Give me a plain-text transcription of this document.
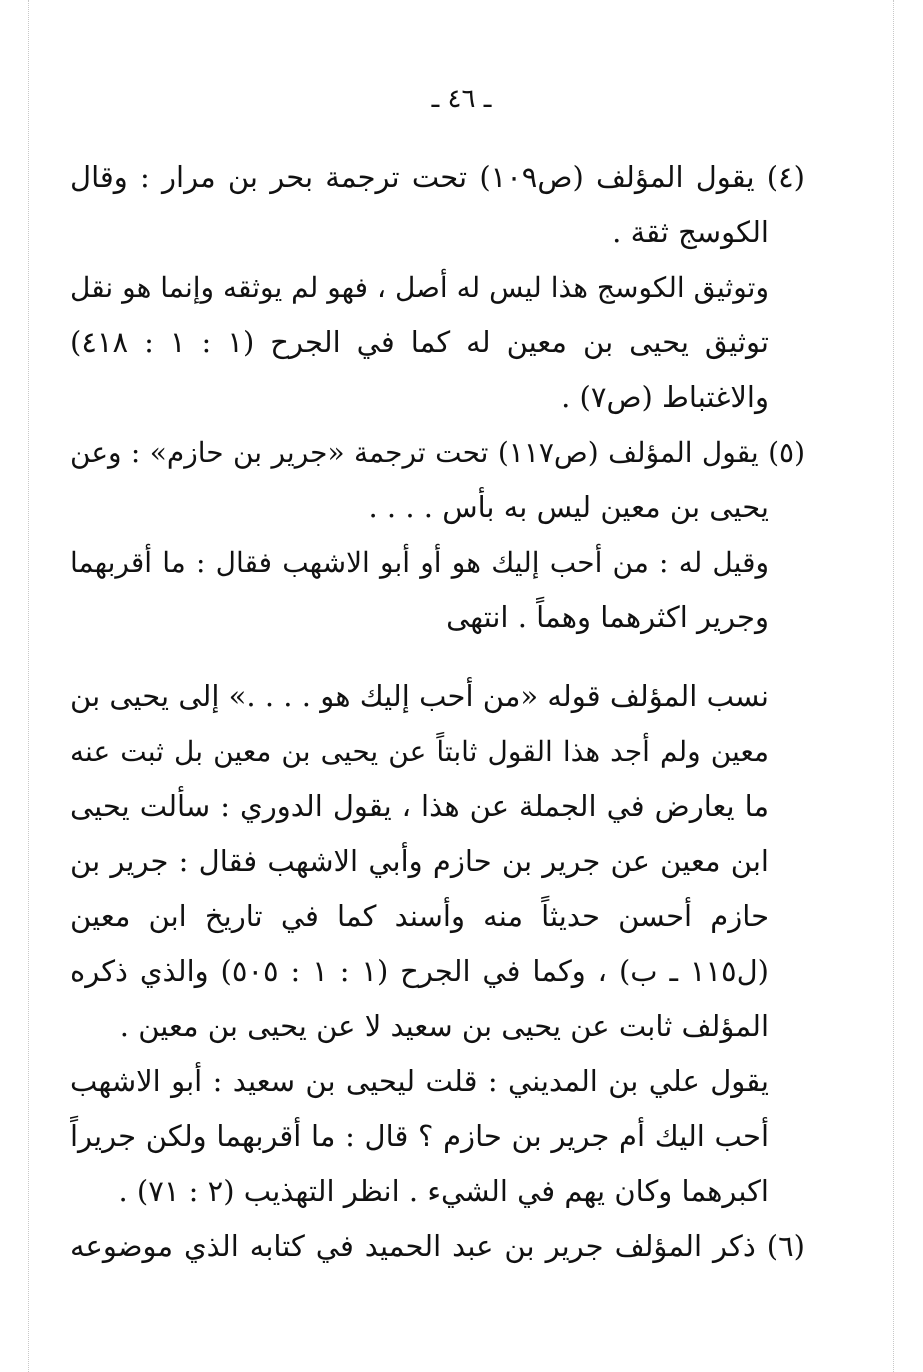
ـ ٤٦ ـ
(٤) يقول المؤلف (ص١٠٩) تحت ترجمة بحر بن مرار : وقال
الكوسج ثقة .
وتوثيق الكوسج هذا ليس له أصل ، فهو لم يوثقه وإنما هو نقل
توثيق يحيى بن معين له كما في الجرح (١ : ١ : ٤١٨)
والاغتباط (ص٧) .
(٥) يقول المؤلف (ص١١٧) تحت ترجمة «جرير بن حازم» : وعن
يحيى بن معين ليس به بأس . . . .
وقيل له : من أحب إليك هو أو أبو الاشهب فقال : ما أقربهما
وجرير اكثرهما وهماً . انتهى
نسب المؤلف قوله «من أحب إليك هو . . . .» إلى يحيى بن
معين ولم أجد هذا القول ثابتاً عن يحيى بن معين بل ثبت عنه
ما يعارض في الجملة عن هذا ، يقول الدوري : سألت يحيى
ابن معين عن جرير بن حازم وأبي الاشهب فقال : جرير بن
حازم أحسن حديثاً منه وأسند كما في تاريخ ابن معين
(ل١١٥ ـ ب) ، وكما في الجرح (١ : ١ : ٥٠٥) والذي ذكره
المؤلف ثابت عن يحيى بن سعيد لا عن يحيى بن معين .
يقول علي بن المديني : قلت ليحيى بن سعيد : أبو الاشهب
أحب اليك أم جرير بن حازم ؟ قال : ما أقربهما ولكن جريراً
اكبرهما وكان يهم في الشيء . انظر التهذيب (٢ : ٧١) .
(٦) ذكر المؤلف جرير بن عبد الحميد في كتابه الذي موضوعه
